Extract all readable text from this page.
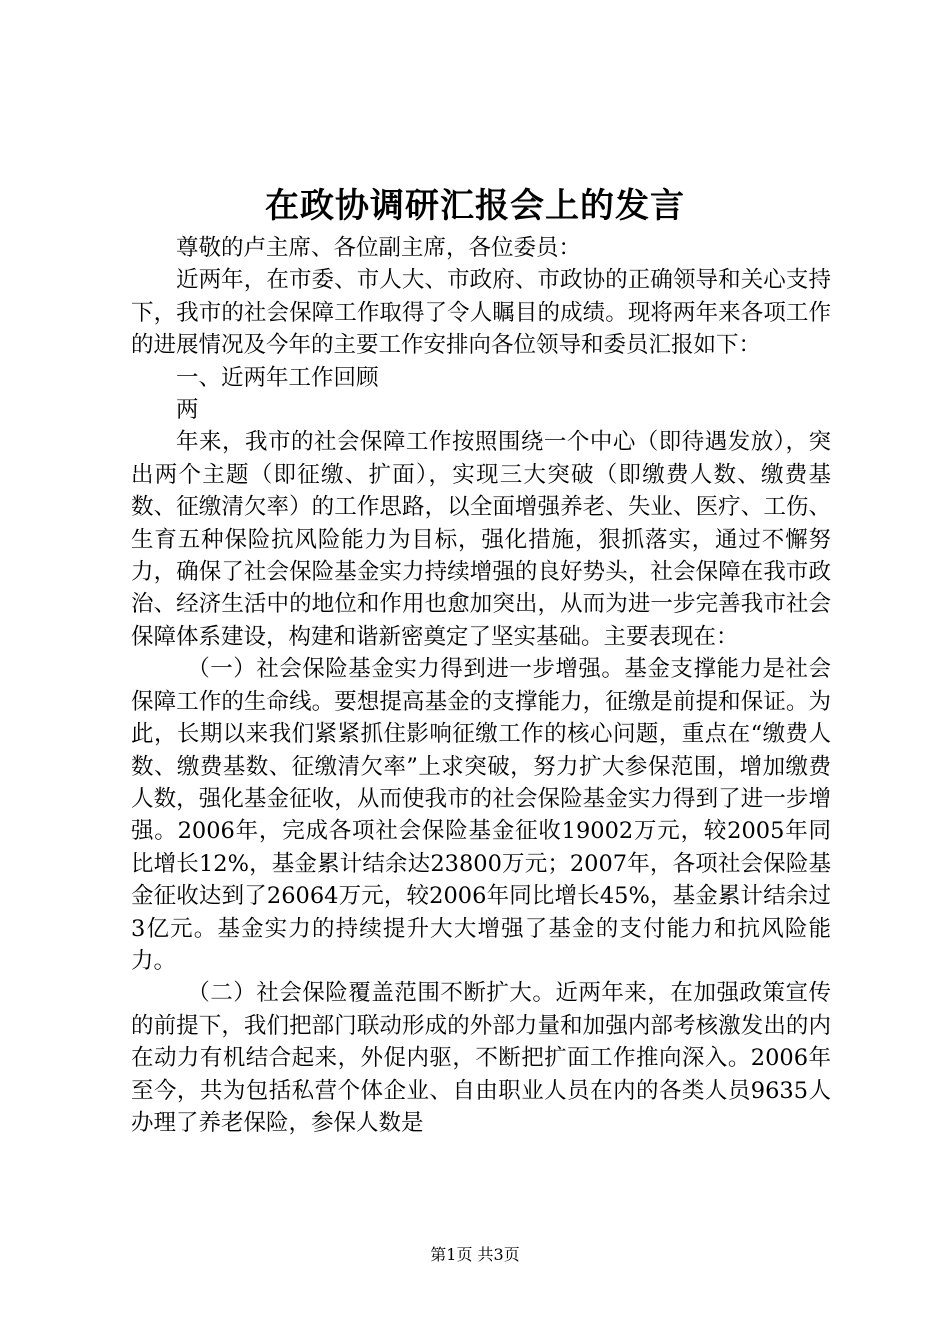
在政协调研汇报会上的发言

尊敬的卢主席、各位副主席，各位委员：

近两年，在市委、市人大、市政府、市政协的正确领导和关心支持下，我市的社会保障工作取得了令人瞩目的成绩。现将两年来各项工作的进展情况及今年的主要工作安排向各位领导和委员汇报如下：

一、近两年工作回顾

两

年来，我市的社会保障工作按照围绕一个中心（即待遇发放），突出两个主题（即征缴、扩面），实现三大突破（即缴费人数、缴费基数、征缴清欠率）的工作思路，以全面增强养老、失业、医疗、工伤、生育五种保险抗风险能力为目标，强化措施，狠抓落实，通过不懈努力，确保了社会保险基金实力持续增强的良好势头，社会保障在我市政治、经济生活中的地位和作用也愈加突出，从而为进一步完善我市社会保障体系建设，构建和谐新密奠定了坚实基础。主要表现在：

（一）社会保险基金实力得到进一步增强。基金支撑能力是社会保障工作的生命线。要想提高基金的支撑能力，征缴是前提和保证。为此，长期以来我们紧紧抓住影响征缴工作的核心问题，重点在“缴费人数、缴费基数、征缴清欠率”上求突破，努力扩大参保范围，增加缴费人数，强化基金征收，从而使我市的社会保险基金实力得到了进一步增强。2006年，完成各项社会保险基金征收19002万元，较2005年同比增长12%，基金累计结余达23800万元；2007年，各项社会保险基金征收达到了26064万元，较2006年同比增长45%，基金累计结余过3亿元。基金实力的持续提升大大增强了基金的支付能力和抗风险能力。

（二）社会保险覆盖范围不断扩大。近两年来，在加强政策宣传的前提下，我们把部门联动形成的外部力量和加强内部考核激发出的内在动力有机结合起来，外促内驱，不断把扩面工作推向深入。2006年至今，共为包括私营个体企业、自由职业人员在内的各类人员9635人办理了养老保险，参保人数是

第1页 共3页
